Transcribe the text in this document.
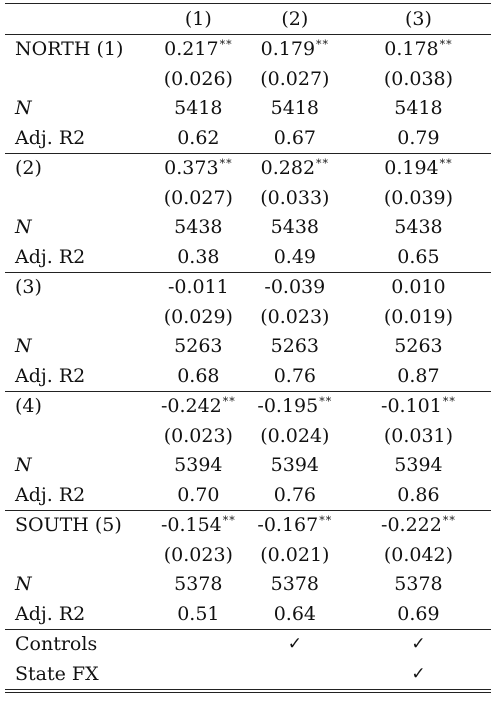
	(1)	(2)	(3)
NORTH (1)	0.217**	0.179**	0.178**
	(0.026)	(0.027)	(0.038)
N	5418	5418	5418
Adj. R2	0.62	0.67	0.79
(2)	0.373**	0.282**	0.194**
	(0.027)	(0.033)	(0.039)
N	5438	5438	5438
Adj. R2	0.38	0.49	0.65
(3)	-0.011	-0.039	0.010
	(0.029)	(0.023)	(0.019)
N	5263	5263	5263
Adj. R2	0.68	0.76	0.87
(4)	-0.242**	-0.195**	-0.101**
	(0.023)	(0.024)	(0.031)
N	5394	5394	5394
Adj. R2	0.70	0.76	0.86
SOUTH (5)	-0.154**	-0.167**	-0.222**
	(0.023)	(0.021)	(0.042)
N	5378	5378	5378
Adj. R2	0.51	0.64	0.69
Controls		✓	✓
State FX			✓
